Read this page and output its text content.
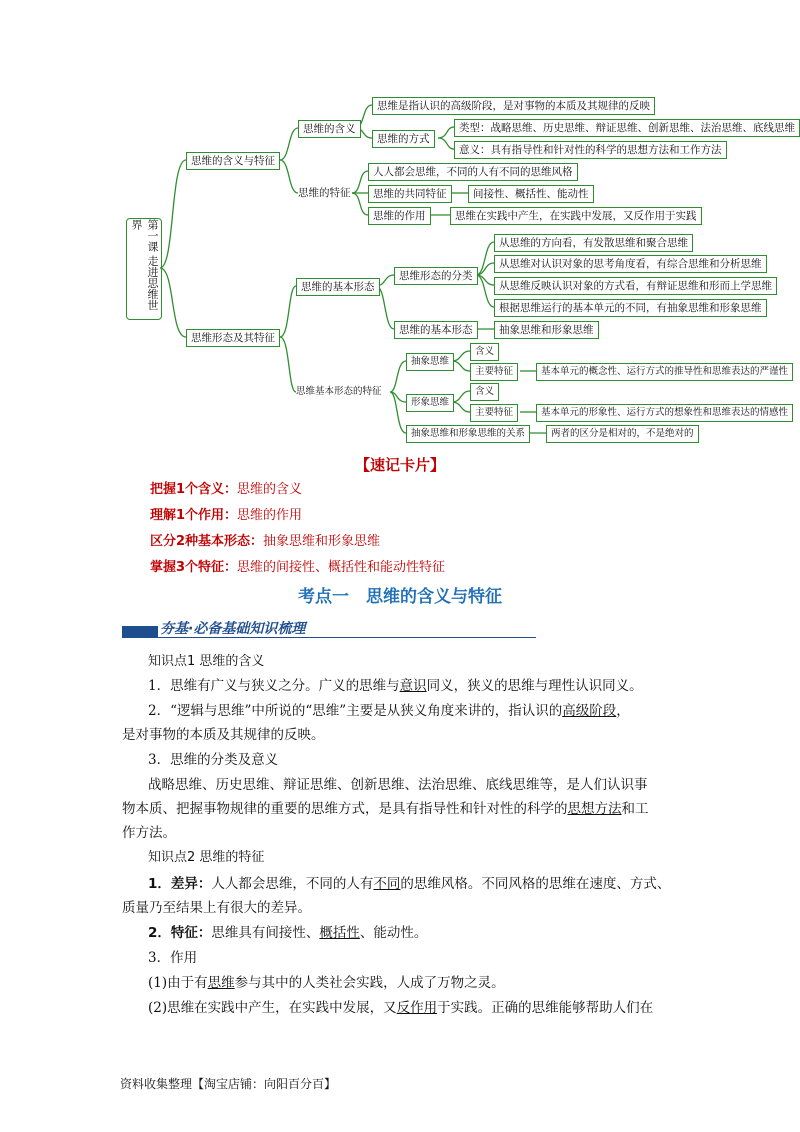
第一课 走进思维世界
思维的含义与特征
思维形态及其特征
思维的含义
思维是指认识的高级阶段，是对事物的本质及其规律的反映
思维的方式
类型：战略思维、历史思维、辩证思维、创新思维、法治思维、底线思维
意义：具有指导性和针对性的科学的思想方法和工作方法
思维的特征
人人都会思维，不同的人有不同的思维风格
思维的共同特征	间接性、概括性、能动性
思维的作用	思维在实践中产生，在实践中发展，又反作用于实践
思维的基本形态
思维形态的分类
从思维的方向看，有发散思维和聚合思维
从思维对认识对象的思考角度看，有综合思维和分析思维
从思维反映认识对象的方式看，有辩证思维和形而上学思维
根据思维运行的基本单元的不同，有抽象思维和形象思维
思维的基本形态	抽象思维和形象思维
思维基本形态的特征
抽象思维
含义
主要特征	基本单元的概念性、运行方式的推导性和思维表达的严谨性
形象思维
含义
主要特征	基本单元的形象性、运行方式的想象性和思维表达的情感性
抽象思维和形象思维的关系	两者的区分是相对的，不是绝对的
【速记卡片】
把握1个含义：思维的含义
理解1个作用：思维的作用
区分2种基本形态：抽象思维和形象思维
掌握3个特征：思维的间接性、概括性和能动性特征
考点一　思维的含义与特征
夯基·必备基础知识梳理
知识点1 思维的含义
1．思维有广义与狭义之分。广义的思维与意识同义，狭义的思维与理性认识同义。
2．“逻辑与思维”中所说的“思维”主要是从狭义角度来讲的，指认识的高级阶段，
是对事物的本质及其规律的反映。
3．思维的分类及意义
战略思维、历史思维、辩证思维、创新思维、法治思维、底线思维等，是人们认识事
物本质、把握事物规律的重要的思维方式，是具有指导性和针对性的科学的思想方法和工
作方法。
知识点2 思维的特征
1．差异：人人都会思维，不同的人有不同的思维风格。不同风格的思维在速度、方式、
质量乃至结果上有很大的差异。
2．特征：思维具有间接性、概括性、能动性。
3．作用
(1)由于有思维参与其中的人类社会实践，人成了万物之灵。
(2)思维在实践中产生，在实践中发展，又反作用于实践。正确的思维能够帮助人们在
资料收集整理【淘宝店铺：向阳百分百】
